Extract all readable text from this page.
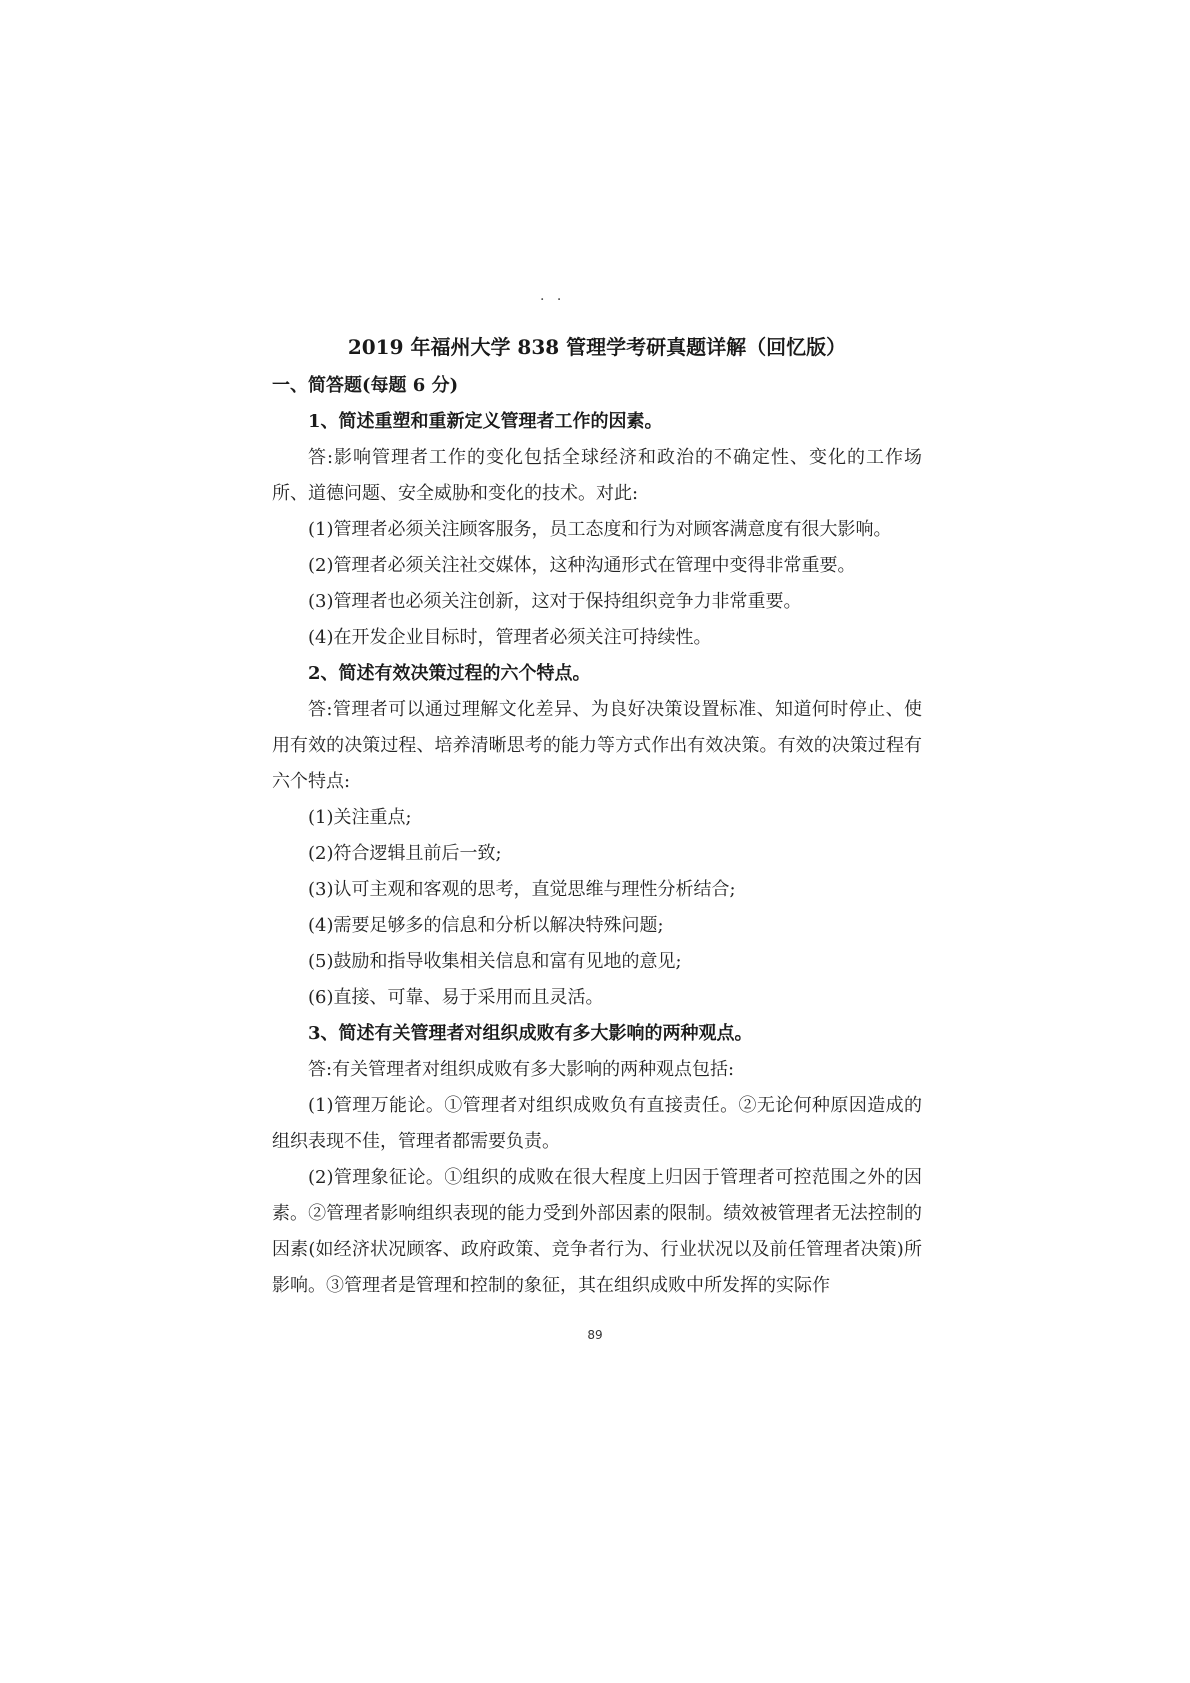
· ·

2019 年福州大学 838 管理学考研真题详解（回忆版）

一、简答题(每题 6 分)

1、简述重塑和重新定义管理者工作的因素。

答:影响管理者工作的变化包括全球经济和政治的不确定性、变化的工作场所、道德问题、安全威胁和变化的技术。对此:

(1)管理者必须关注顾客服务，员工态度和行为对顾客满意度有很大影响。

(2)管理者必须关注社交媒体，这种沟通形式在管理中变得非常重要。

(3)管理者也必须关注创新，这对于保持组织竞争力非常重要。

(4)在开发企业目标时，管理者必须关注可持续性。

2、简述有效决策过程的六个特点。

答:管理者可以通过理解文化差异、为良好决策设置标准、知道何时停止、使用有效的决策过程、培养清晰思考的能力等方式作出有效决策。有效的决策过程有六个特点:

(1)关注重点;

(2)符合逻辑且前后一致;

(3)认可主观和客观的思考，直觉思维与理性分析结合;

(4)需要足够多的信息和分析以解决特殊问题;

(5)鼓励和指导收集相关信息和富有见地的意见;

(6)直接、可靠、易于采用而且灵活。

3、简述有关管理者对组织成败有多大影响的两种观点。

答:有关管理者对组织成败有多大影响的两种观点包括:

(1)管理万能论。①管理者对组织成败负有直接责任。②无论何种原因造成的组织表现不佳，管理者都需要负责。

(2)管理象征论。①组织的成败在很大程度上归因于管理者可控范围之外的因素。②管理者影响组织表现的能力受到外部因素的限制。绩效被管理者无法控制的因素(如经济状况顾客、政府政策、竞争者行为、行业状况以及前任管理者决策)所影响。③管理者是管理和控制的象征，其在组织成败中所发挥的实际作

89
